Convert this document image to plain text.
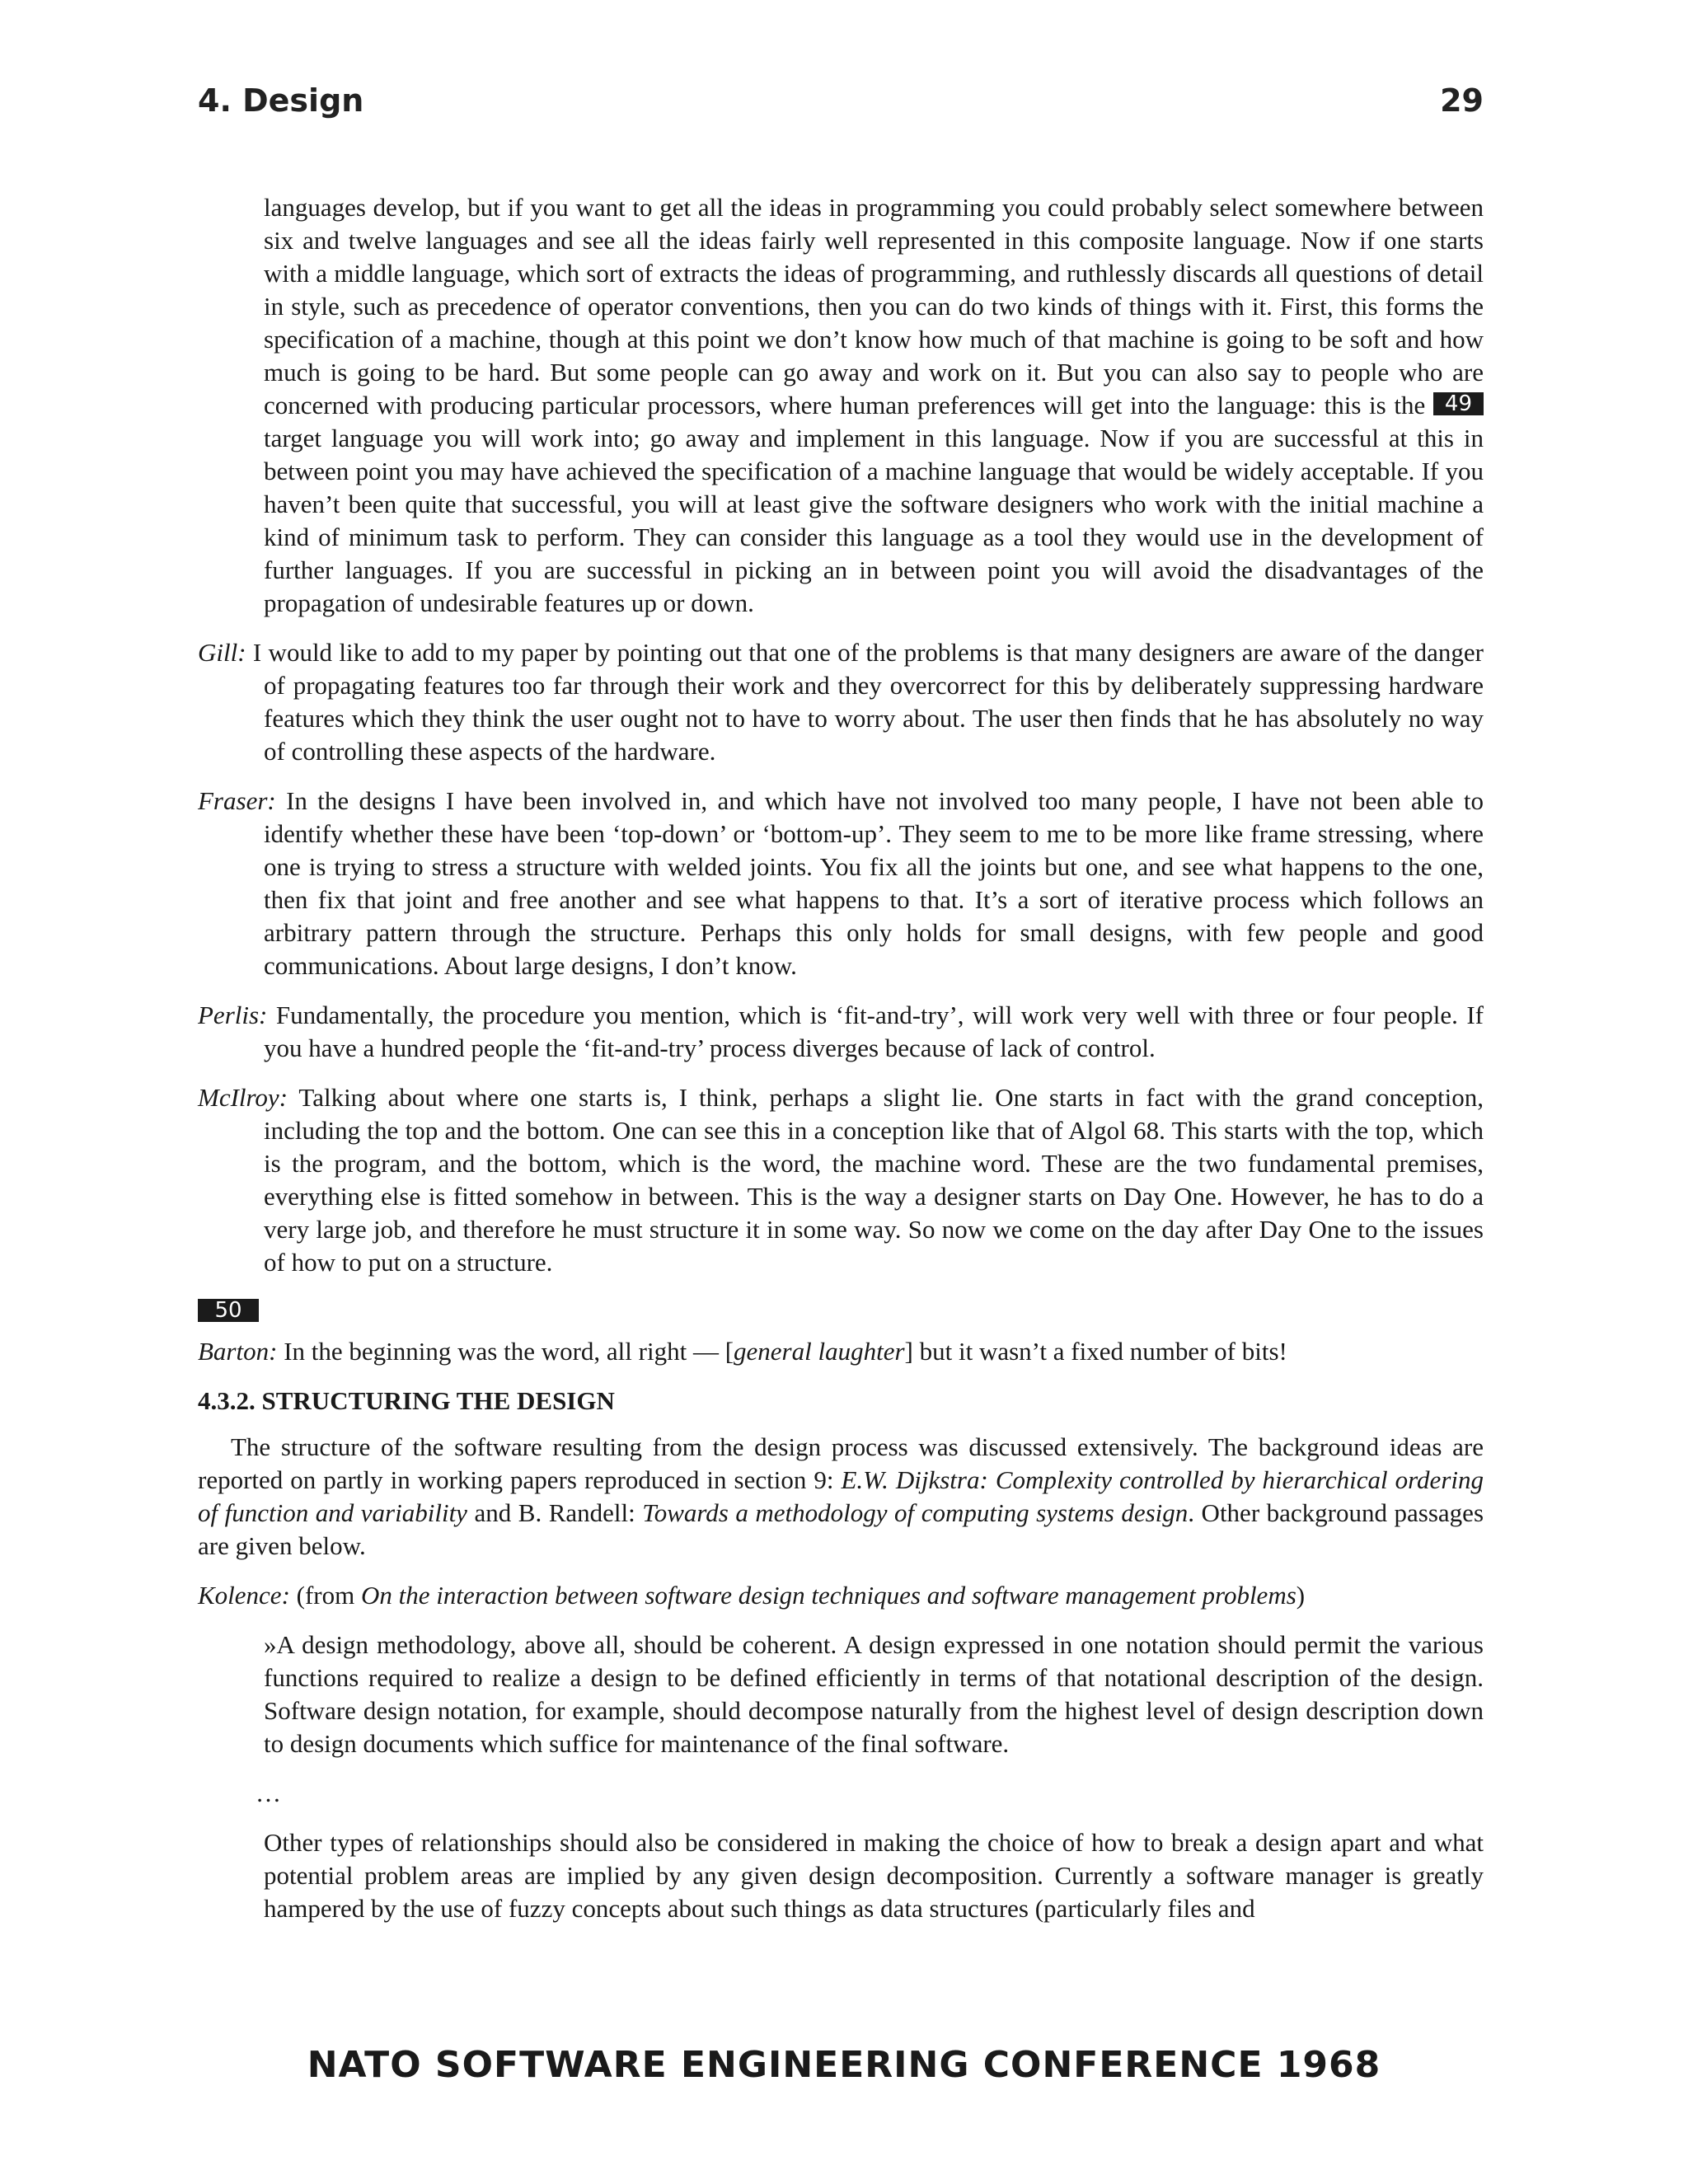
4. Design	29

languages develop, but if you want to get all the ideas in programming you could probably select somewhere between six and twelve languages and see all the ideas fairly well represented in this composite language. Now if one starts with a middle language, which sort of extracts the ideas of programming, and ruthlessly discards all questions of detail in style, such as precedence of operator conventions, then you can do two kinds of things with it. First, this forms the specification of a machine, though at this point we don’t know how much of that machine is going to be soft and how much is going to be hard. But some people can go away and work on it. But you can also say to people who are concerned with producing particular processors, where human preferences will get into the language: this is the 49 target language you will work into; go away and implement in this language. Now if you are successful at this in between point you may have achieved the specification of a machine language that would be widely acceptable. If you haven’t been quite that successful, you will at least give the software designers who work with the initial machine a kind of minimum task to perform. They can consider this language as a tool they would use in the development of further languages. If you are successful in picking an in between point you will avoid the disadvantages of the propagation of undesirable features up or down.

Gill: I would like to add to my paper by pointing out that one of the problems is that many designers are aware of the danger of propagating features too far through their work and they overcorrect for this by deliberately suppressing hardware features which they think the user ought not to have to worry about. The user then finds that he has absolutely no way of controlling these aspects of the hardware.

Fraser: In the designs I have been involved in, and which have not involved too many people, I have not been able to identify whether these have been ‘top-down’ or ‘bottom-up’. They seem to me to be more like frame stressing, where one is trying to stress a structure with welded joints. You fix all the joints but one, and see what happens to the one, then fix that joint and free another and see what happens to that. It’s a sort of iterative process which follows an arbitrary pattern through the structure. Perhaps this only holds for small designs, with few people and good communications. About large designs, I don’t know.

Perlis: Fundamentally, the procedure you mention, which is ‘fit-and-try’, will work very well with three or four people. If you have a hundred people the ‘fit-and-try’ process diverges because of lack of control.

McIlroy: Talking about where one starts is, I think, perhaps a slight lie. One starts in fact with the grand conception, including the top and the bottom. One can see this in a conception like that of Algol 68. This starts with the top, which is the program, and the bottom, which is the word, the machine word. These are the two fundamental premises, everything else is fitted somehow in between. This is the way a designer starts on Day One. However, he has to do a very large job, and therefore he must structure it in some way. So now we come on the day after Day One to the issues of how to put on a structure.

50

Barton: In the beginning was the word, all right — [general laughter] but it wasn’t a fixed number of bits!

4.3.2. STRUCTURING THE DESIGN

The structure of the software resulting from the design process was discussed extensively. The background ideas are reported on partly in working papers reproduced in section 9: E.W. Dijkstra: Complexity controlled by hierarchical ordering of function and variability and B. Randell: Towards a methodology of computing systems design. Other background passages are given below.

Kolence: (from On the interaction between software design techniques and software management problems)

»A design methodology, above all, should be coherent. A design expressed in one notation should permit the various functions required to realize a design to be defined efficiently in terms of that notational description of the design. Software design notation, for example, should decompose naturally from the highest level of design description down to design documents which suffice for maintenance of the final software.

…

Other types of relationships should also be considered in making the choice of how to break a design apart and what potential problem areas are implied by any given design decomposition. Currently a software manager is greatly hampered by the use of fuzzy concepts about such things as data structures (particularly files and

NATO SOFTWARE ENGINEERING CONFERENCE 1968
